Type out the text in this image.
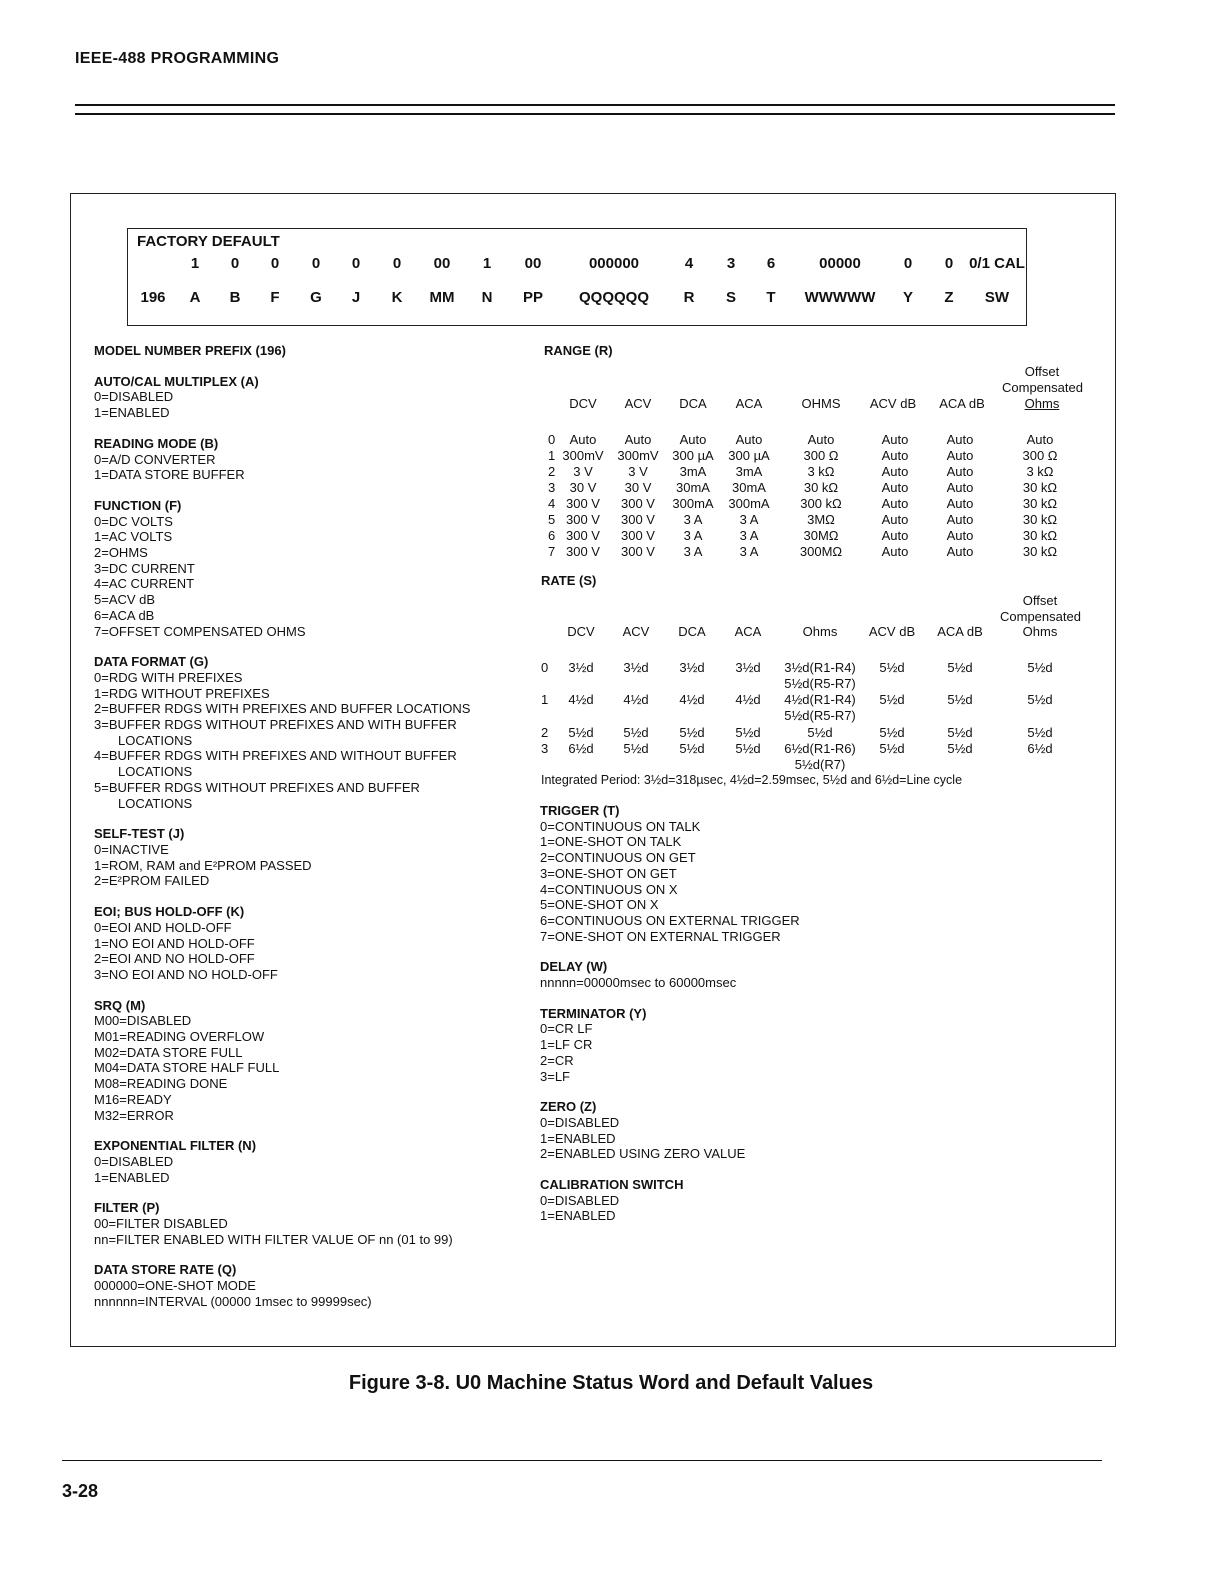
IEEE-488 PROGRAMMING
FACTORY DEFAULT
1	0	0	0	0	0	00	1	00	000000	4	3	6	00000	0	0	0/1 CAL
196	A	B	F	G	J	K	MM	N	PP	QQQQQQ	R	S	T	WWWWW	Y	Z	SW
MODEL NUMBER PREFIX (196)
AUTO/CAL MULTIPLEX (A)
0=DISABLED
1=ENABLED
READING MODE (B)
0=A/D CONVERTER
1=DATA STORE BUFFER
FUNCTION (F)
0=DC VOLTS
1=AC VOLTS
2=OHMS
3=DC CURRENT
4=AC CURRENT
5=ACV dB
6=ACA dB
7=OFFSET COMPENSATED OHMS
DATA FORMAT (G)
0=RDG WITH PREFIXES
1=RDG WITHOUT PREFIXES
2=BUFFER RDGS WITH PREFIXES AND BUFFER LOCATIONS
3=BUFFER RDGS WITHOUT PREFIXES AND WITH BUFFER
LOCATIONS
4=BUFFER RDGS WITH PREFIXES AND WITHOUT BUFFER
LOCATIONS
5=BUFFER RDGS WITHOUT PREFIXES AND BUFFER
LOCATIONS
SELF-TEST (J)
0=INACTIVE
1=ROM, RAM and E²PROM PASSED
2=E²PROM FAILED
EOI; BUS HOLD-OFF (K)
0=EOI AND HOLD-OFF
1=NO EOI AND HOLD-OFF
2=EOI AND NO HOLD-OFF
3=NO EOI AND NO HOLD-OFF
SRQ (M)
M00=DISABLED
M01=READING OVERFLOW
M02=DATA STORE FULL
M04=DATA STORE HALF FULL
M08=READING DONE
M16=READY
M32=ERROR
EXPONENTIAL FILTER (N)
0=DISABLED
1=ENABLED
FILTER (P)
00=FILTER DISABLED
nn=FILTER ENABLED WITH FILTER VALUE OF nn (01 to 99)
DATA STORE RATE (Q)
000000=ONE-SHOT MODE
nnnnnn=INTERVAL (00000 1msec to 99999sec)
RANGE (R)
Offset
Compensated
Ohms
DCV	ACV	DCA	ACA	OHMS	ACV dB	ACA dB
0	Auto	Auto	Auto	Auto	Auto	Auto	Auto	Auto
1 300mV	300mV	300 µA	300 µA	300 Ω	Auto	Auto	300 Ω
2	3 V	3 V	3mA	3mA	3 kΩ	Auto	Auto	3 kΩ
3	30 V	30 V	30mA	30mA	30 kΩ	Auto	Auto	30 kΩ
4 300 V	300 V	300mA	300mA	300 kΩ	Auto	Auto	30 kΩ
5 300 V	300 V	3 A	3 A	3MΩ	Auto	Auto	30 kΩ
6 300 V	300 V	3 A	3 A	30MΩ	Auto	Auto	30 kΩ
7 300 V	300 V	3 A	3 A	300MΩ	Auto	Auto	30 kΩ
RATE (S)
Offset
Compensated
DCV	ACV	DCA	ACA	Ohms	ACV dB	ACA dB	Ohms
0	3½d	3½d	3½d	3½d	3½d(R1-R4)	5½d	5½d	5½d
5½d(R5-R7)
1	4½d	4½d	4½d	4½d	4½d(R1-R4)	5½d	5½d	5½d
5½d(R5-R7)
2	5½d	5½d	5½d	5½d	5½d	5½d	5½d	5½d
3	6½d	5½d	5½d	5½d	6½d(R1-R6)	5½d	5½d	6½d
5½d(R7)
Integrated Period: 3½d=318µsec, 4½d=2.59msec, 5½d and 6½d=Line cycle
TRIGGER (T)
0=CONTINUOUS ON TALK
1=ONE-SHOT ON TALK
2=CONTINUOUS ON GET
3=ONE-SHOT ON GET
4=CONTINUOUS ON X
5=ONE-SHOT ON X
6=CONTINUOUS ON EXTERNAL TRIGGER
7=ONE-SHOT ON EXTERNAL TRIGGER
DELAY (W)
nnnnn=00000msec to 60000msec
TERMINATOR (Y)
0=CR LF
1=LF CR
2=CR
3=LF
ZERO (Z)
0=DISABLED
1=ENABLED
2=ENABLED USING ZERO VALUE
CALIBRATION SWITCH
0=DISABLED
1=ENABLED
Figure 3-8. U0 Machine Status Word and Default Values
3-28
